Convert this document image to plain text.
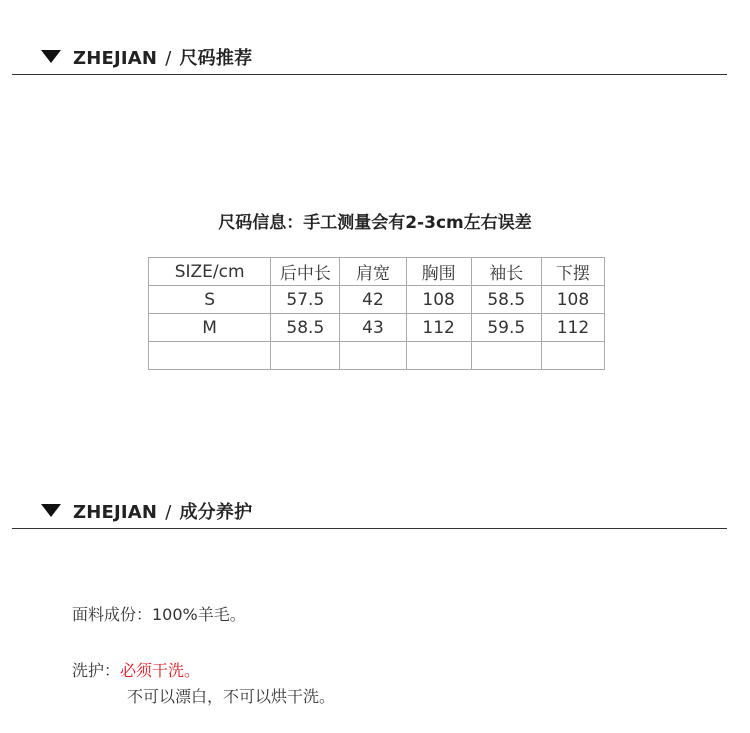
ZHEJIAN / 尺码推荐
尺码信息：手工测量会有2-3cm左右误差
SIZE/cm	后中长	肩宽	胸围	袖长	下摆
S	57.5	42	108	58.5	108
M	58.5	43	112	59.5	112

ZHEJIAN / 成分养护
面料成份：100%羊毛。
洗护：必须干洗。
不可以漂白，不可以烘干洗。
